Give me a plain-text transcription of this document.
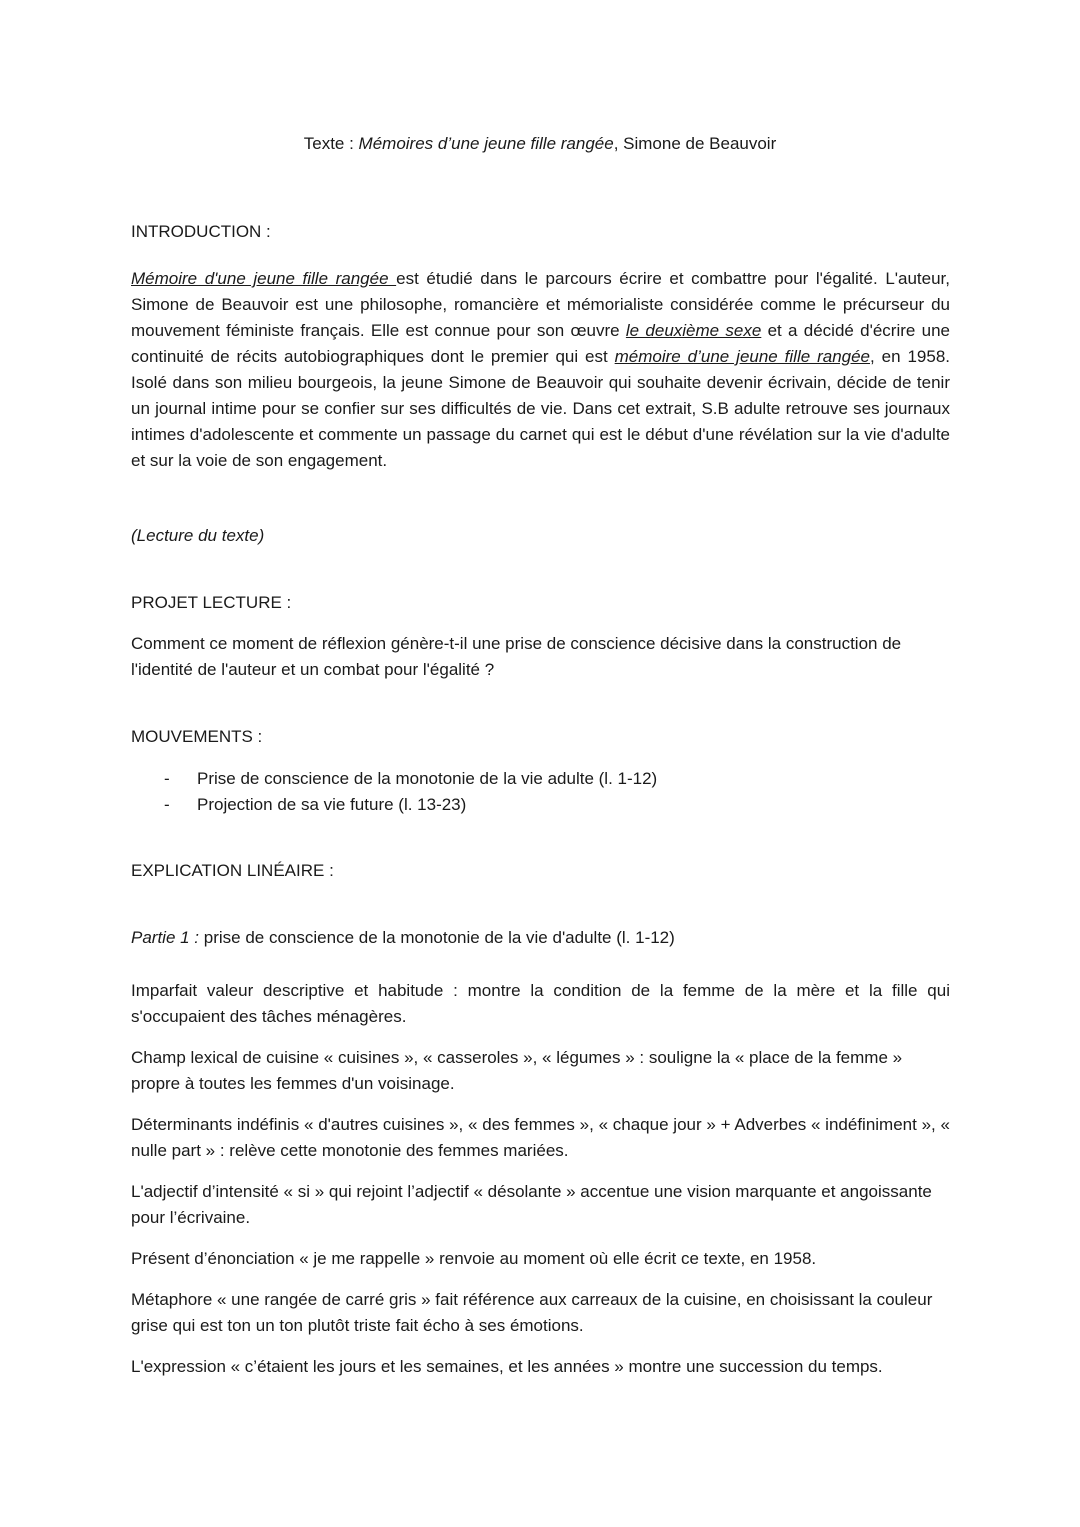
Texte : Mémoires d’une jeune fille rangée, Simone de Beauvoir

INTRODUCTION :

Mémoire d'une jeune fille rangée est étudié dans le parcours écrire et combattre pour l'égalité. L'auteur, Simone de Beauvoir est une philosophe, romancière et mémorialiste considérée comme le précurseur du mouvement féministe français. Elle est connue pour son œuvre le deuxième sexe et a décidé d'écrire une continuité de récits autobiographiques dont le premier qui est mémoire d’une jeune fille rangée, en 1958. Isolé dans son milieu bourgeois, la jeune Simone de Beauvoir qui souhaite devenir écrivain, décide de tenir un journal intime pour se confier sur ses difficultés de vie. Dans cet extrait, S.B adulte retrouve ses journaux intimes d'adolescente et commente un passage du carnet qui est le début d'une révélation sur la vie d'adulte et sur la voie de son engagement.

(Lecture du texte)

PROJET LECTURE :

Comment ce moment de réflexion génère-t-il une prise de conscience décisive dans la construction de l'identité de l'auteur et un combat pour l'égalité ?

MOUVEMENTS :

- Prise de conscience de la monotonie de la vie adulte (l. 1-12)
- Projection de sa vie future (l. 13-23)

EXPLICATION LINÉAIRE :

Partie 1 : prise de conscience de la monotonie de la vie d'adulte (l. 1-12)

Imparfait valeur descriptive et habitude : montre la condition de la femme de la mère et la fille qui s'occupaient des tâches ménagères.

Champ lexical de cuisine « cuisines », « casseroles », « légumes » : souligne la « place de la femme » propre à toutes les femmes d'un voisinage.

Déterminants indéfinis « d'autres cuisines », « des femmes », « chaque jour » + Adverbes « indéfiniment », « nulle part » : relève cette monotonie des femmes mariées.

L'adjectif d’intensité « si » qui rejoint l’adjectif « désolante » accentue une vision marquante et angoissante pour l’écrivaine.

Présent d’énonciation « je me rappelle » renvoie au moment où elle écrit ce texte, en 1958.

Métaphore « une rangée de carré gris » fait référence aux carreaux de la cuisine, en choisissant la couleur grise qui est ton un ton plutôt triste fait écho à ses émotions.

L'expression « c’étaient les jours et les semaines, et les années » montre une succession du temps.
